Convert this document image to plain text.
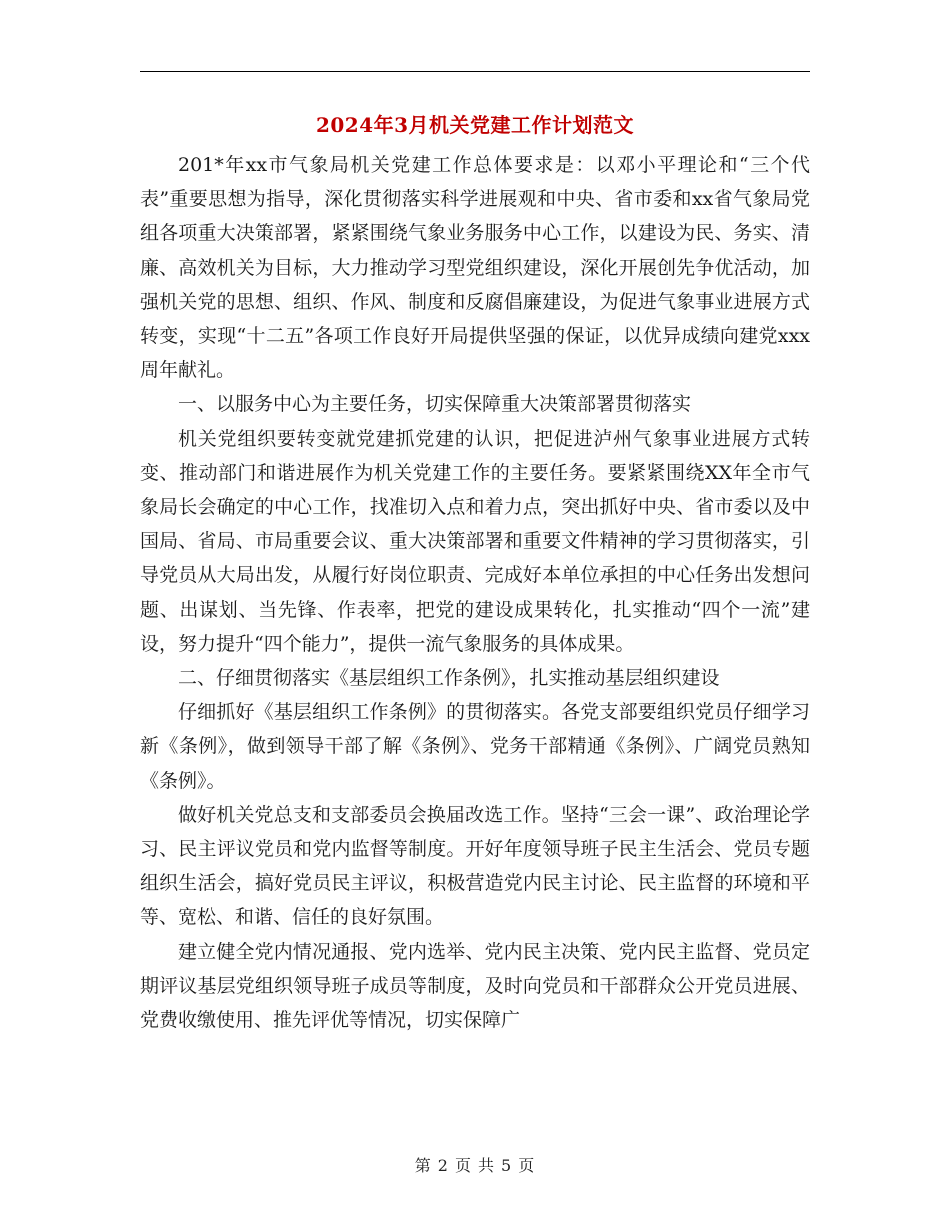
2024年3月机关党建工作计划范文

201*年xx市气象局机关党建工作总体要求是：以邓小平理论和“三个代表”重要思想为指导，深化贯彻落实科学进展观和中央、省市委和xx省气象局党组各项重大决策部署，紧紧围绕气象业务服务中心工作，以建设为民、务实、清廉、高效机关为目标，大力推动学习型党组织建设，深化开展创先争优活动，加强机关党的思想、组织、作风、制度和反腐倡廉建设，为促进气象事业进展方式转变，实现“十二五”各项工作良好开局提供坚强的保证，以优异成绩向建党xxx周年献礼。

一、以服务中心为主要任务，切实保障重大决策部署贯彻落实

机关党组织要转变就党建抓党建的认识，把促进泸州气象事业进展方式转变、推动部门和谐进展作为机关党建工作的主要任务。要紧紧围绕XX年全市气象局长会确定的中心工作，找准切入点和着力点，突出抓好中央、省市委以及中国局、省局、市局重要会议、重大决策部署和重要文件精神的学习贯彻落实，引导党员从大局出发，从履行好岗位职责、完成好本单位承担的中心任务出发想问题、出谋划、当先锋、作表率，把党的建设成果转化，扎实推动“四个一流”建设，努力提升“四个能力”，提供一流气象服务的具体成果。

二、仔细贯彻落实《基层组织工作条例》，扎实推动基层组织建设

仔细抓好《基层组织工作条例》的贯彻落实。各党支部要组织党员仔细学习新《条例》，做到领导干部了解《条例》、党务干部精通《条例》、广阔党员熟知《条例》。

做好机关党总支和支部委员会换届改选工作。坚持“三会一课”、政治理论学习、民主评议党员和党内监督等制度。开好年度领导班子民主生活会、党员专题组织生活会，搞好党员民主评议，积极营造党内民主讨论、民主监督的环境和平等、宽松、和谐、信任的良好氛围。

建立健全党内情况通报、党内选举、党内民主决策、党内民主监督、党员定期评议基层党组织领导班子成员等制度，及时向党员和干部群众公开党员进展、党费收缴使用、推先评优等情况，切实保障广

第 2 页 共 5 页
